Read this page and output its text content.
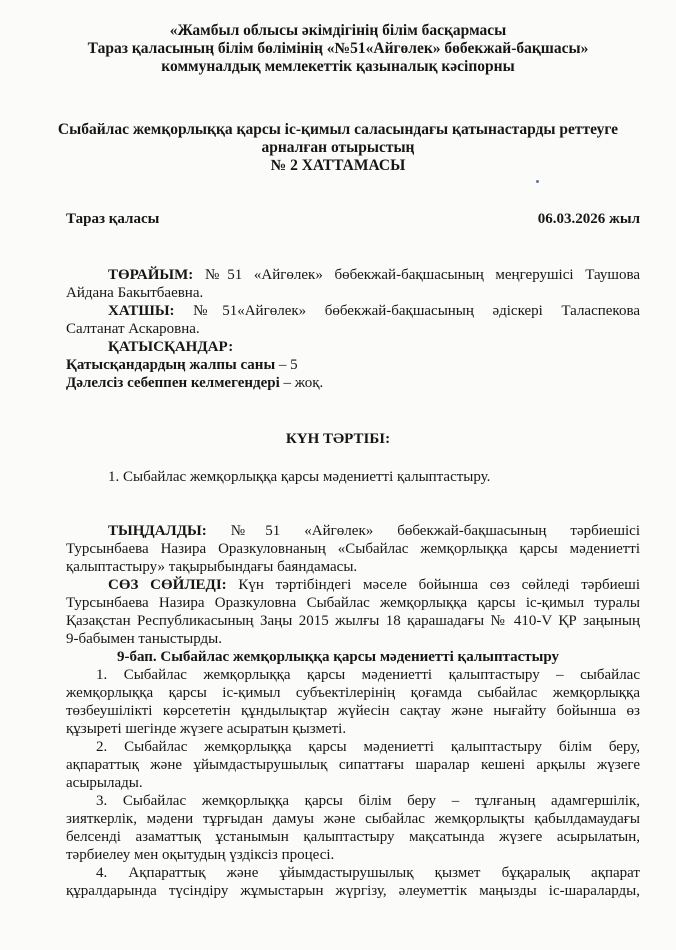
«Жамбыл облысы әкімдігінің білім басқармасы
Тараз қаласының білім бөлімінің «№51«Айгөлек» бөбекжай-бақшасы»
коммуналдық мемлекеттік қазыналық кәсіпорны
Сыбайлас жемқорлыққа қарсы іс-қимыл саласындағы қатынастарды реттеуге
арналған отырыстың
№ 2 ХАТТАМАСЫ
Тараз қаласы	06.03.2026 жыл
ТӨРАЙЫМ: №51 «Айгөлек» бөбекжай-бақшасының меңгерушісі Таушова
Айдана Бакытбаевна.
ХАТШЫ: №51«Айгөлек» бөбекжай-бақшасының әдіскері Таласпекова
Салтанат Аскаровна.
ҚАТЫСҚАНДАР:
Қатысқандардың жалпы саны – 5
Дәлелсіз себеппен келмегендері – жоқ.
КҮН ТӘРТІБІ:
1. Сыбайлас жемқорлыққа қарсы мәдениетті қалыптастыру.
ТЫҢДАЛДЫ: №51 «Айгөлек» бөбекжай-бақшасының тәрбиешісі
Турсынбаева Назира Оразкуловнаның «Сыбайлас жемқорлыққа қарсы мәдениетті
қалыптастыру» тақырыбындағы баяндамасы.
СӨЗ СӨЙЛЕДІ: Күн тәртібіндегі мәселе бойынша сөз сөйледі тәрбиеші
Турсынбаева Назира Оразкуловна Сыбайлас жемқорлыққа қарсы іс-қимыл туралы
Қазақстан Республикасының Заңы 2015 жылғы 18 қарашадағы № 410-V ҚР заңының
9-бабымен таныстырды.
9-бап. Сыбайлас жемқорлыққа қарсы мәдениетті қалыптастыру
1. Сыбайлас жемқорлыққа қарсы мәдениетті қалыптастыру – сыбайлас
жемқорлыққа қарсы іс-қимыл субъектілерінің қоғамда сыбайлас жемқорлыққа
төзбеушілікті көрсететін құндылықтар жүйесін сақтау және нығайту бойынша өз
құзыреті шегінде жүзеге асыратын қызметі.
2. Сыбайлас жемқорлыққа қарсы мәдениетті қалыптастыру білім беру,
ақпараттық және ұйымдастырушылық сипаттағы шаралар кешені арқылы жүзеге
асырылады.
3. Сыбайлас жемқорлыққа қарсы білім беру – тұлғаның адамгершілік,
зияткерлік, мәдени тұрғыдан дамуы және сыбайлас жемқорлықты қабылдамаудағы
белсенді азаматтық ұстанымын қалыптастыру мақсатында жүзеге асырылатын,
тәрбиелеу мен оқытудың үздіксіз процесі.
4. Ақпараттық және ұйымдастырушылық қызмет бұқаралық ақпарат
құралдарында түсіндіру жұмыстарын жүргізу, әлеуметтік маңызды іс-шараларды,
